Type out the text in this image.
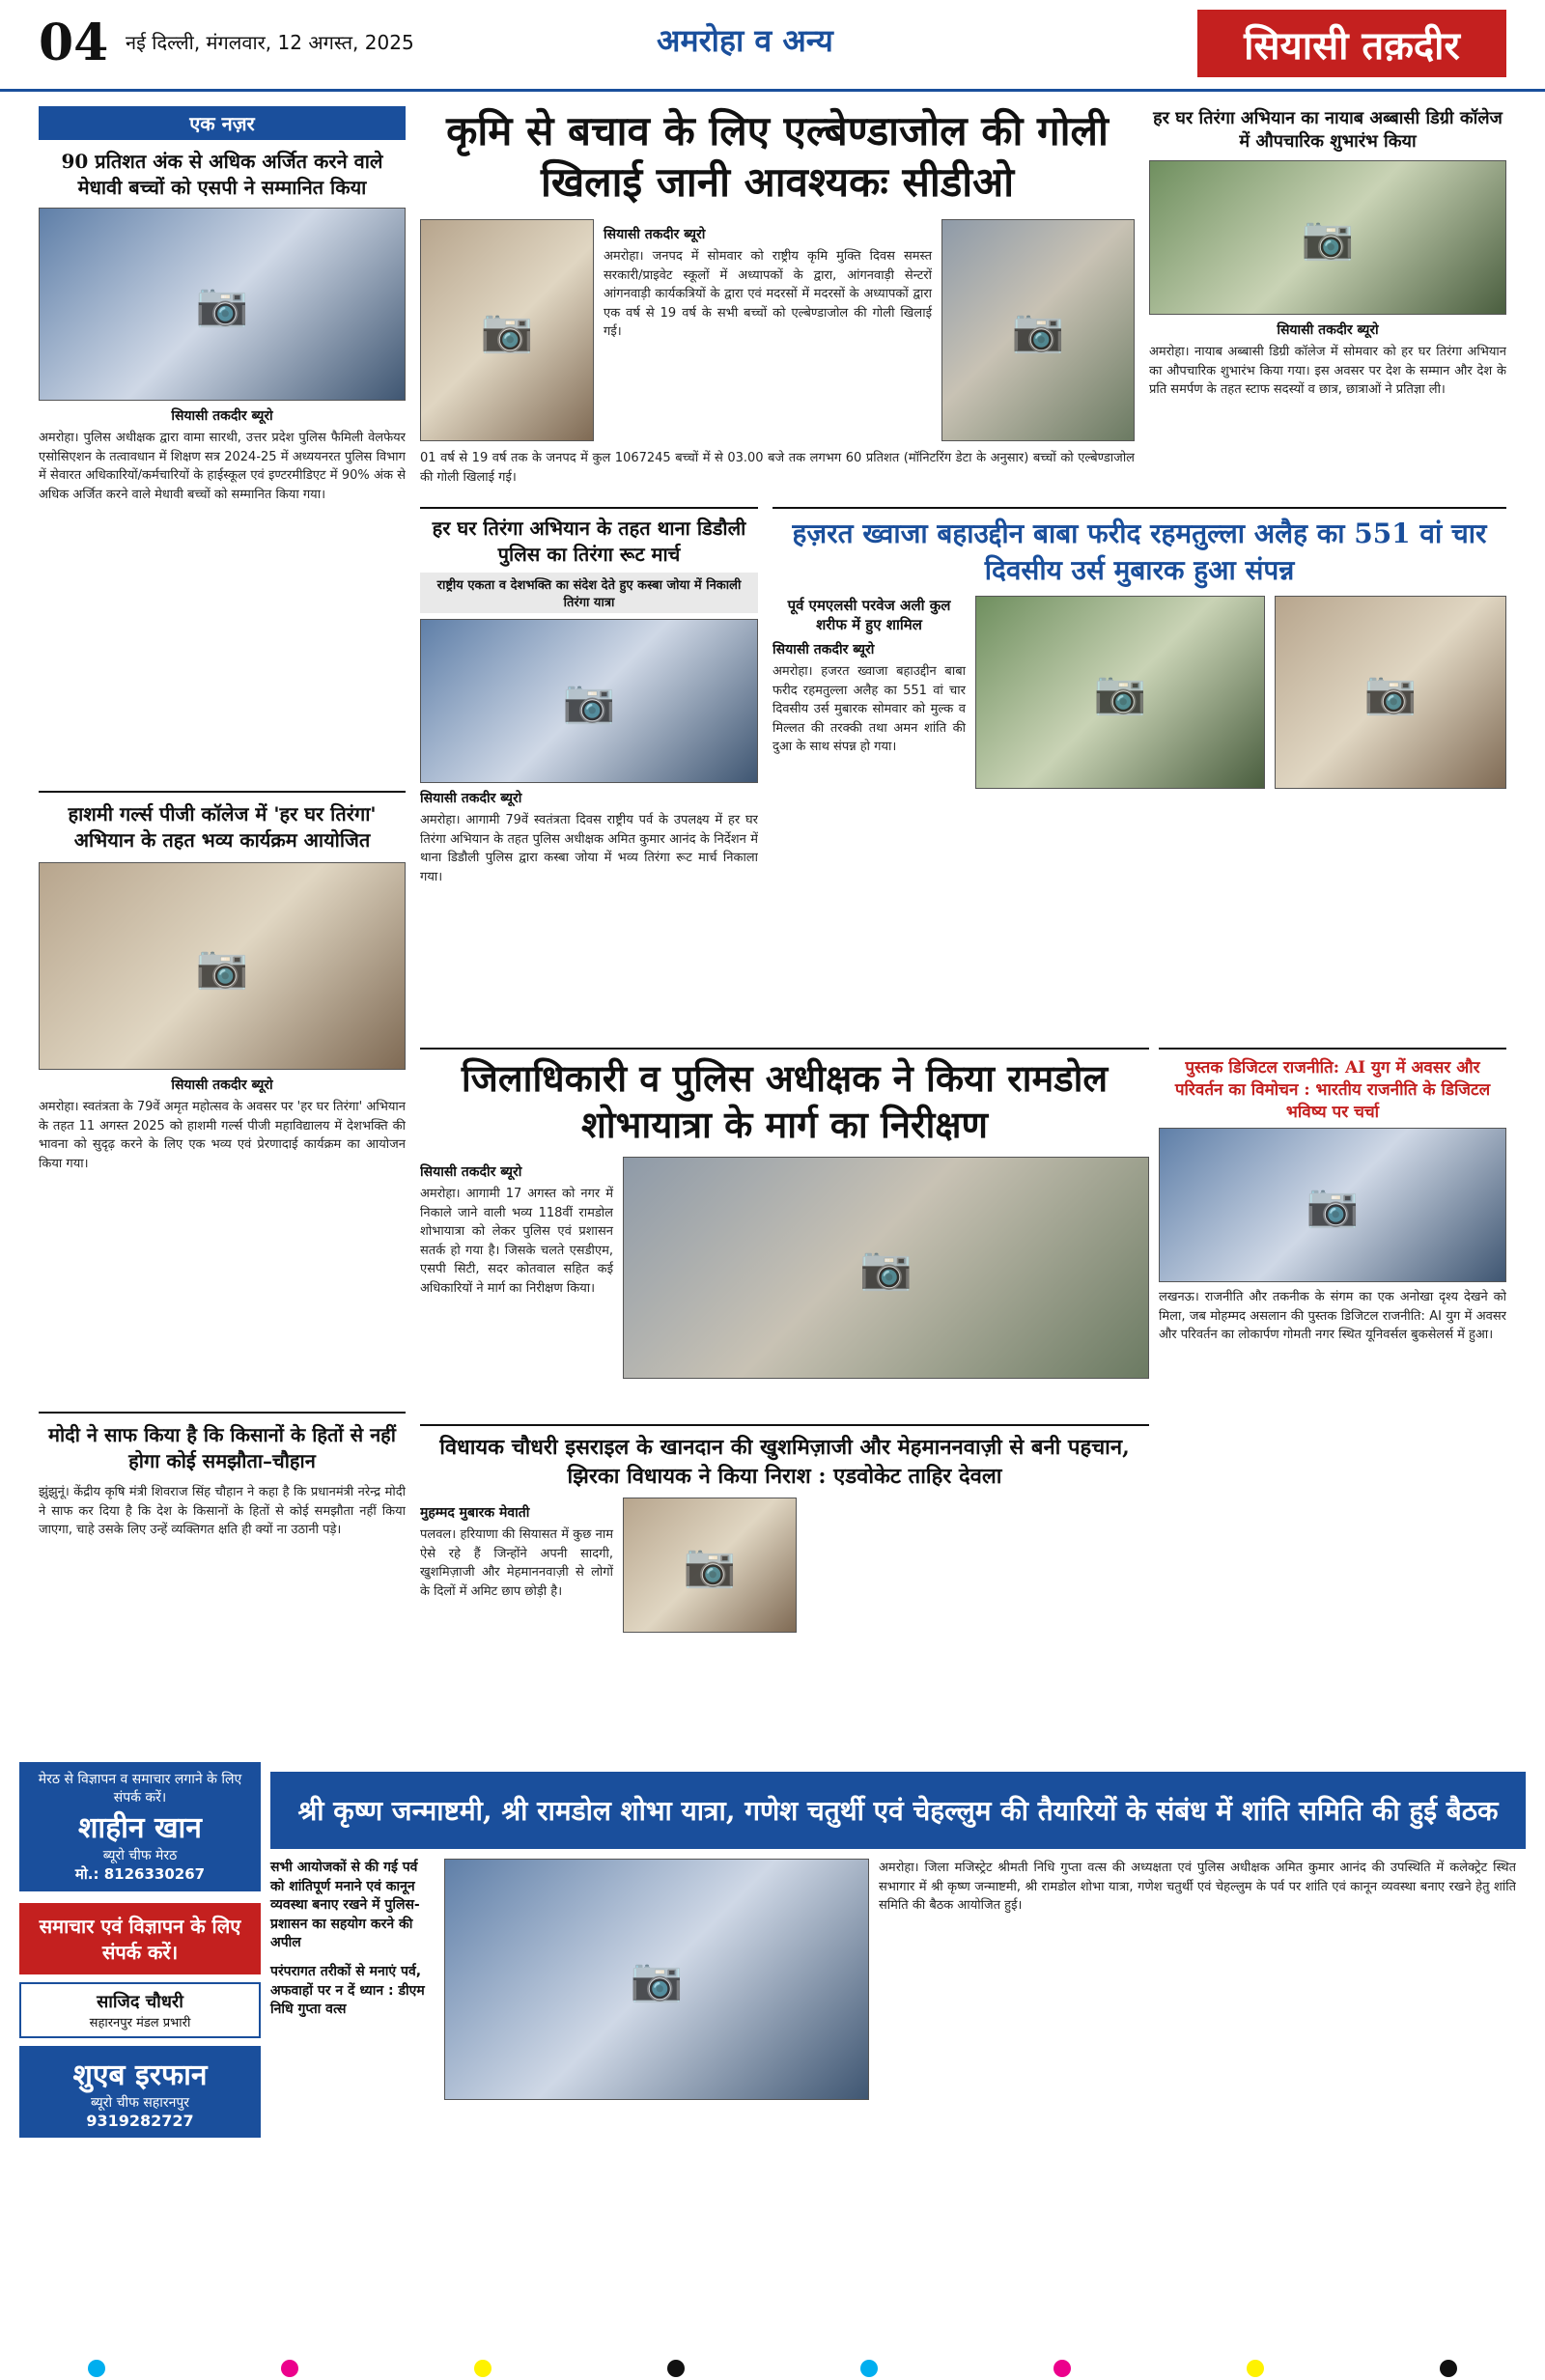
04 नई दिल्ली, मंगलवार, 12 अगस्त, 2025	अमरोहा व अन्य	सियासी तक़दीर
एक नज़र
90 प्रतिशत अंक से अधिक अर्जित करने वाले मेधावी बच्चों को एसपी ने सम्मानित किया
📷
सियासी तकदीर ब्यूरो
अमरोहा। पुलिस अधीक्षक द्वारा वामा सारथी, उत्तर प्रदेश पुलिस फैमिली वेलफेयर एसोसिएशन के तत्वावधान में शिक्षण सत्र 2024-25 में अध्ययनरत पुलिस विभाग में सेवारत अधिकारियों/कर्मचारियों के हाईस्कूल एवं इण्टरमीडिएट में 90% अंक से अधिक अर्जित करने वाले मेधावी बच्चों को सम्मानित किया गया।
हाशमी गर्ल्स पीजी कॉलेज में 'हर घर तिरंगा' अभियान के तहत भव्य कार्यक्रम आयोजित
📷
सियासी तकदीर ब्यूरो
अमरोहा। स्वतंत्रता के 79वें अमृत महोत्सव के अवसर पर 'हर घर तिरंगा' अभियान के तहत 11 अगस्त 2025 को हाशमी गर्ल्स पीजी महाविद्यालय में देशभक्ति की भावना को सुदृढ़ करने के लिए एक भव्य एवं प्रेरणादाई कार्यक्रम का आयोजन किया गया।
मोदी ने साफ किया है कि किसानों के हितों से नहीं होगा कोई समझौता–चौहान
झुंझुनूं। केंद्रीय कृषि मंत्री शिवराज सिंह चौहान ने कहा है कि प्रधानमंत्री नरेन्द्र मोदी ने साफ कर दिया है कि देश के किसानों के हितों से कोई समझौता नहीं किया जाएगा, चाहे उसके लिए उन्हें व्यक्तिगत क्षति ही क्यों ना उठानी पड़े।
कृमि से बचाव के लिए एल्बेण्डाजोल की गोली खिलाई जानी आवश्यकः सीडीओ
📷
सियासी तकदीर ब्यूरो
अमरोहा। जनपद में सोमवार को राष्ट्रीय कृमि मुक्ति दिवस समस्त सरकारी/प्राइवेट स्कूलों में अध्यापकों के द्वारा, आंगनवाड़ी सेन्टरों आंगनवाड़ी कार्यकत्रियों के द्वारा एवं मदरसों में मदरसों के अध्यापकों द्वारा एक वर्ष से 19 वर्ष के सभी बच्चों को एल्बेण्डाजोल की गोली खिलाई गई।	📷
01 वर्ष से 19 वर्ष तक के जनपद में कुल 1067245 बच्चों में से 03.00 बजे तक लगभग 60 प्रतिशत (मॉनिटरिंग डेटा के अनुसार) बच्चों को एल्बेण्डाजोल की गोली खिलाई गई।
हर घर तिरंगा अभियान का नायाब अब्बासी डिग्री कॉलेज में औपचारिक शुभारंभ किया
📷
सियासी तकदीर ब्यूरो
अमरोहा। नायाब अब्बासी डिग्री कॉलेज में सोमवार को हर घर तिरंगा अभियान का औपचारिक शुभारंभ किया गया। इस अवसर पर देश के सम्मान और देश के प्रति समर्पण के तहत स्टाफ सदस्यों व छात्र, छात्राओं ने प्रतिज्ञा ली।
हर घर तिरंगा अभियान के तहत थाना डिडौली पुलिस का तिरंगा रूट मार्च
राष्ट्रीय एकता व देशभक्ति का संदेश देते हुए कस्बा जोया में निकाली तिरंगा यात्रा
📷
सियासी तकदीर ब्यूरो
अमरोहा। आगामी 79वें स्वतंत्रता दिवस राष्ट्रीय पर्व के उपलक्ष्य में हर घर तिरंगा अभियान के तहत पुलिस अधीक्षक अमित कुमार आनंद के निर्देशन में थाना डिडौली पुलिस द्वारा कस्बा जोया में भव्य तिरंगा रूट मार्च निकाला गया।
हज़रत ख्वाजा बहाउद्दीन बाबा फरीद रहमतुल्ला अलैह का 551 वां चार दिवसीय उर्स मुबारक हुआ संपन्न
पूर्व एमएलसी परवेज अली कुल शरीफ में हुए शामिल
सियासी तकदीर ब्यूरो
अमरोहा। हजरत ख्वाजा बहाउद्दीन बाबा फरीद रहमतुल्ला अलैह का 551 वां चार दिवसीय उर्स मुबारक सोमवार को मुल्क व मिल्लत की तरक्की तथा अमन शांति की दुआ के साथ संपन्न हो गया।
📷	📷
जिलाधिकारी व पुलिस अधीक्षक ने किया रामडोल शोभायात्रा के मार्ग का निरीक्षण
सियासी तकदीर ब्यूरो
अमरोहा। आगामी 17 अगस्त को नगर में निकाले जाने वाली भव्य 118वीं रामडोल शोभायात्रा को लेकर पुलिस एवं प्रशासन सतर्क हो गया है। जिसके चलते एसडीएम, एसपी सिटी, सदर कोतवाल सहित कई अधिकारियों ने मार्ग का निरीक्षण किया।	📷
पुस्तक डिजिटल राजनीति: AI युग में अवसर और परिवर्तन का विमोचन : भारतीय राजनीति के डिजिटल भविष्य पर चर्चा
📷
लखनऊ। राजनीति और तकनीक के संगम का एक अनोखा दृश्य देखने को मिला, जब मोहम्मद असलान की पुस्तक डिजिटल राजनीति: AI युग में अवसर और परिवर्तन का लोकार्पण गोमती नगर स्थित यूनिवर्सल बुकसेलर्स में हुआ।
विधायक चौधरी इसराइल के खानदान की खुशमिज़ाजी और मेहमाननवाज़ी से बनी पहचान, झिरका विधायक ने किया निराश : एडवोकेट ताहिर देवला
मुहम्मद मुबारक मेवाती
पलवल। हरियाणा की सियासत में कुछ नाम ऐसे रहे हैं जिन्होंने अपनी सादगी, खुशमिज़ाजी और मेहमाननवाज़ी से लोगों के दिलों में अमिट छाप छोड़ी है।
📷
मेरठ से विज्ञापन व समाचार लगाने के लिए संपर्क करें।
शाहीन खान
ब्यूरो चीफ मेरठ
मो.: 8126330267
समाचार एवं विज्ञापन के लिए संपर्क करें।
साजिद चौधरी
सहारनपुर मंडल प्रभारी
शुएब इरफान
ब्यूरो चीफ सहारनपुर
9319282727
श्री कृष्ण जन्माष्टमी, श्री रामडोल शोभा यात्रा, गणेश चतुर्थी एवं चेहल्लुम की तैयारियों के संबंध में शांति समिति की हुई बैठक
सभी आयोजकों से की गई पर्व को शांतिपूर्ण मनाने एवं कानून व्यवस्था बनाए रखने में पुलिस-प्रशासन का सहयोग करने की अपील
परंपरागत तरीकों से मनाएं पर्व, अफवाहों पर न दें ध्यान : डीएम निधि गुप्ता वत्स
📷
अमरोहा। जिला मजिस्ट्रेट श्रीमती निधि गुप्ता वत्स की अध्यक्षता एवं पुलिस अधीक्षक अमित कुमार आनंद की उपस्थिति में कलेक्ट्रेट स्थित सभागार में श्री कृष्ण जन्माष्टमी, श्री रामडोल शोभा यात्रा, गणेश चतुर्थी एवं चेहल्लुम के पर्व पर शांति एवं कानून व्यवस्था बनाए रखने हेतु शांति समिति की बैठक आयोजित हुई।
